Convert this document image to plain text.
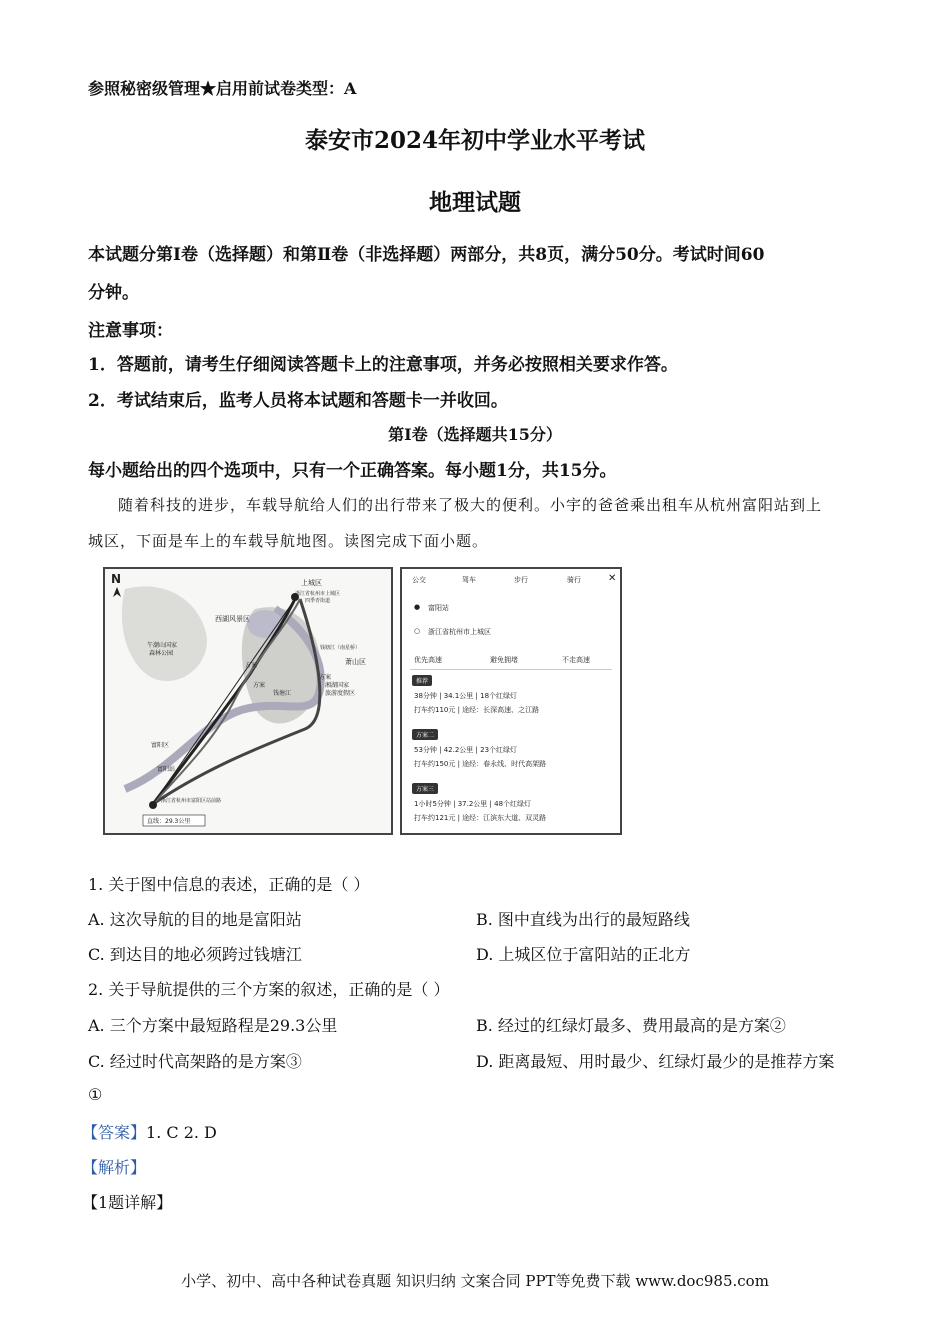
参照秘密级管理★启用前试卷类型：A
泰安市2024年初中学业水平考试
地理试题
本试题分第Ⅰ卷（选择题）和第Ⅱ卷（非选择题）两部分，共8页，满分50分。考试时间60
分钟。
注意事项：
1．答题前，请考生仔细阅读答题卡上的注意事项，并务必按照相关要求作答。
2．考试结束后，监考人员将本试题和答题卡一并收回。
第Ⅰ卷（选择题共15分）
每小题给出的四个选项中，只有一个正确答案。每小题1分，共15分。
随着科技的进步，车载导航给人们的出行带来了极大的便利。小宇的爸爸乘出租车从杭州富阳站到上
城区，下面是车上的车载导航地图。读图完成下面小题。
N	上城区
浙江省杭州市上城区
四季青街道
西湖风景区
萧山区
午潮山国家
森林公园
钱塘江（南星桥）
湘湖国家
旅游度假区
钱塘江
方案
方案
方案
富阳区
富阳站
浙江省杭州市富阳区站前路
直线：29.3公里
公交	驾车	步行	骑行	✕
● 富阳站
○ 浙江省杭州市上城区
优先高速	避免拥堵	不走高速
推荐
38分钟 | 34.1公里 | 18个红绿灯
打车约110元 | 途经：长深高速、之江路
方案二
53分钟 | 42.2公里 | 23个红绿灯
打车约150元 | 途经：春永线、时代高架路
方案三
1小时5分钟 | 37.2公里 | 48个红绿灯
打车约121元 | 途经：江滨东大道、双灵路
1. 关于图中信息的表述，正确的是（ ）
A. 这次导航的目的地是富阳站	B. 图中直线为出行的最短路线
C. 到达目的地必须跨过钱塘江	D. 上城区位于富阳站的正北方
2. 关于导航提供的三个方案的叙述，正确的是（ ）
A. 三个方案中最短路程是29.3公里	B. 经过的红绿灯最多、费用最高的是方案②
C. 经过时代高架路的是方案③	D. 距离最短、用时最少、红绿灯最少的是推荐方案
①
【答案】1. C 2. D
【解析】
【1题详解】
小学、初中、高中各种试卷真题 知识归纳 文案合同 PPT等免费下载 www.doc985.com
